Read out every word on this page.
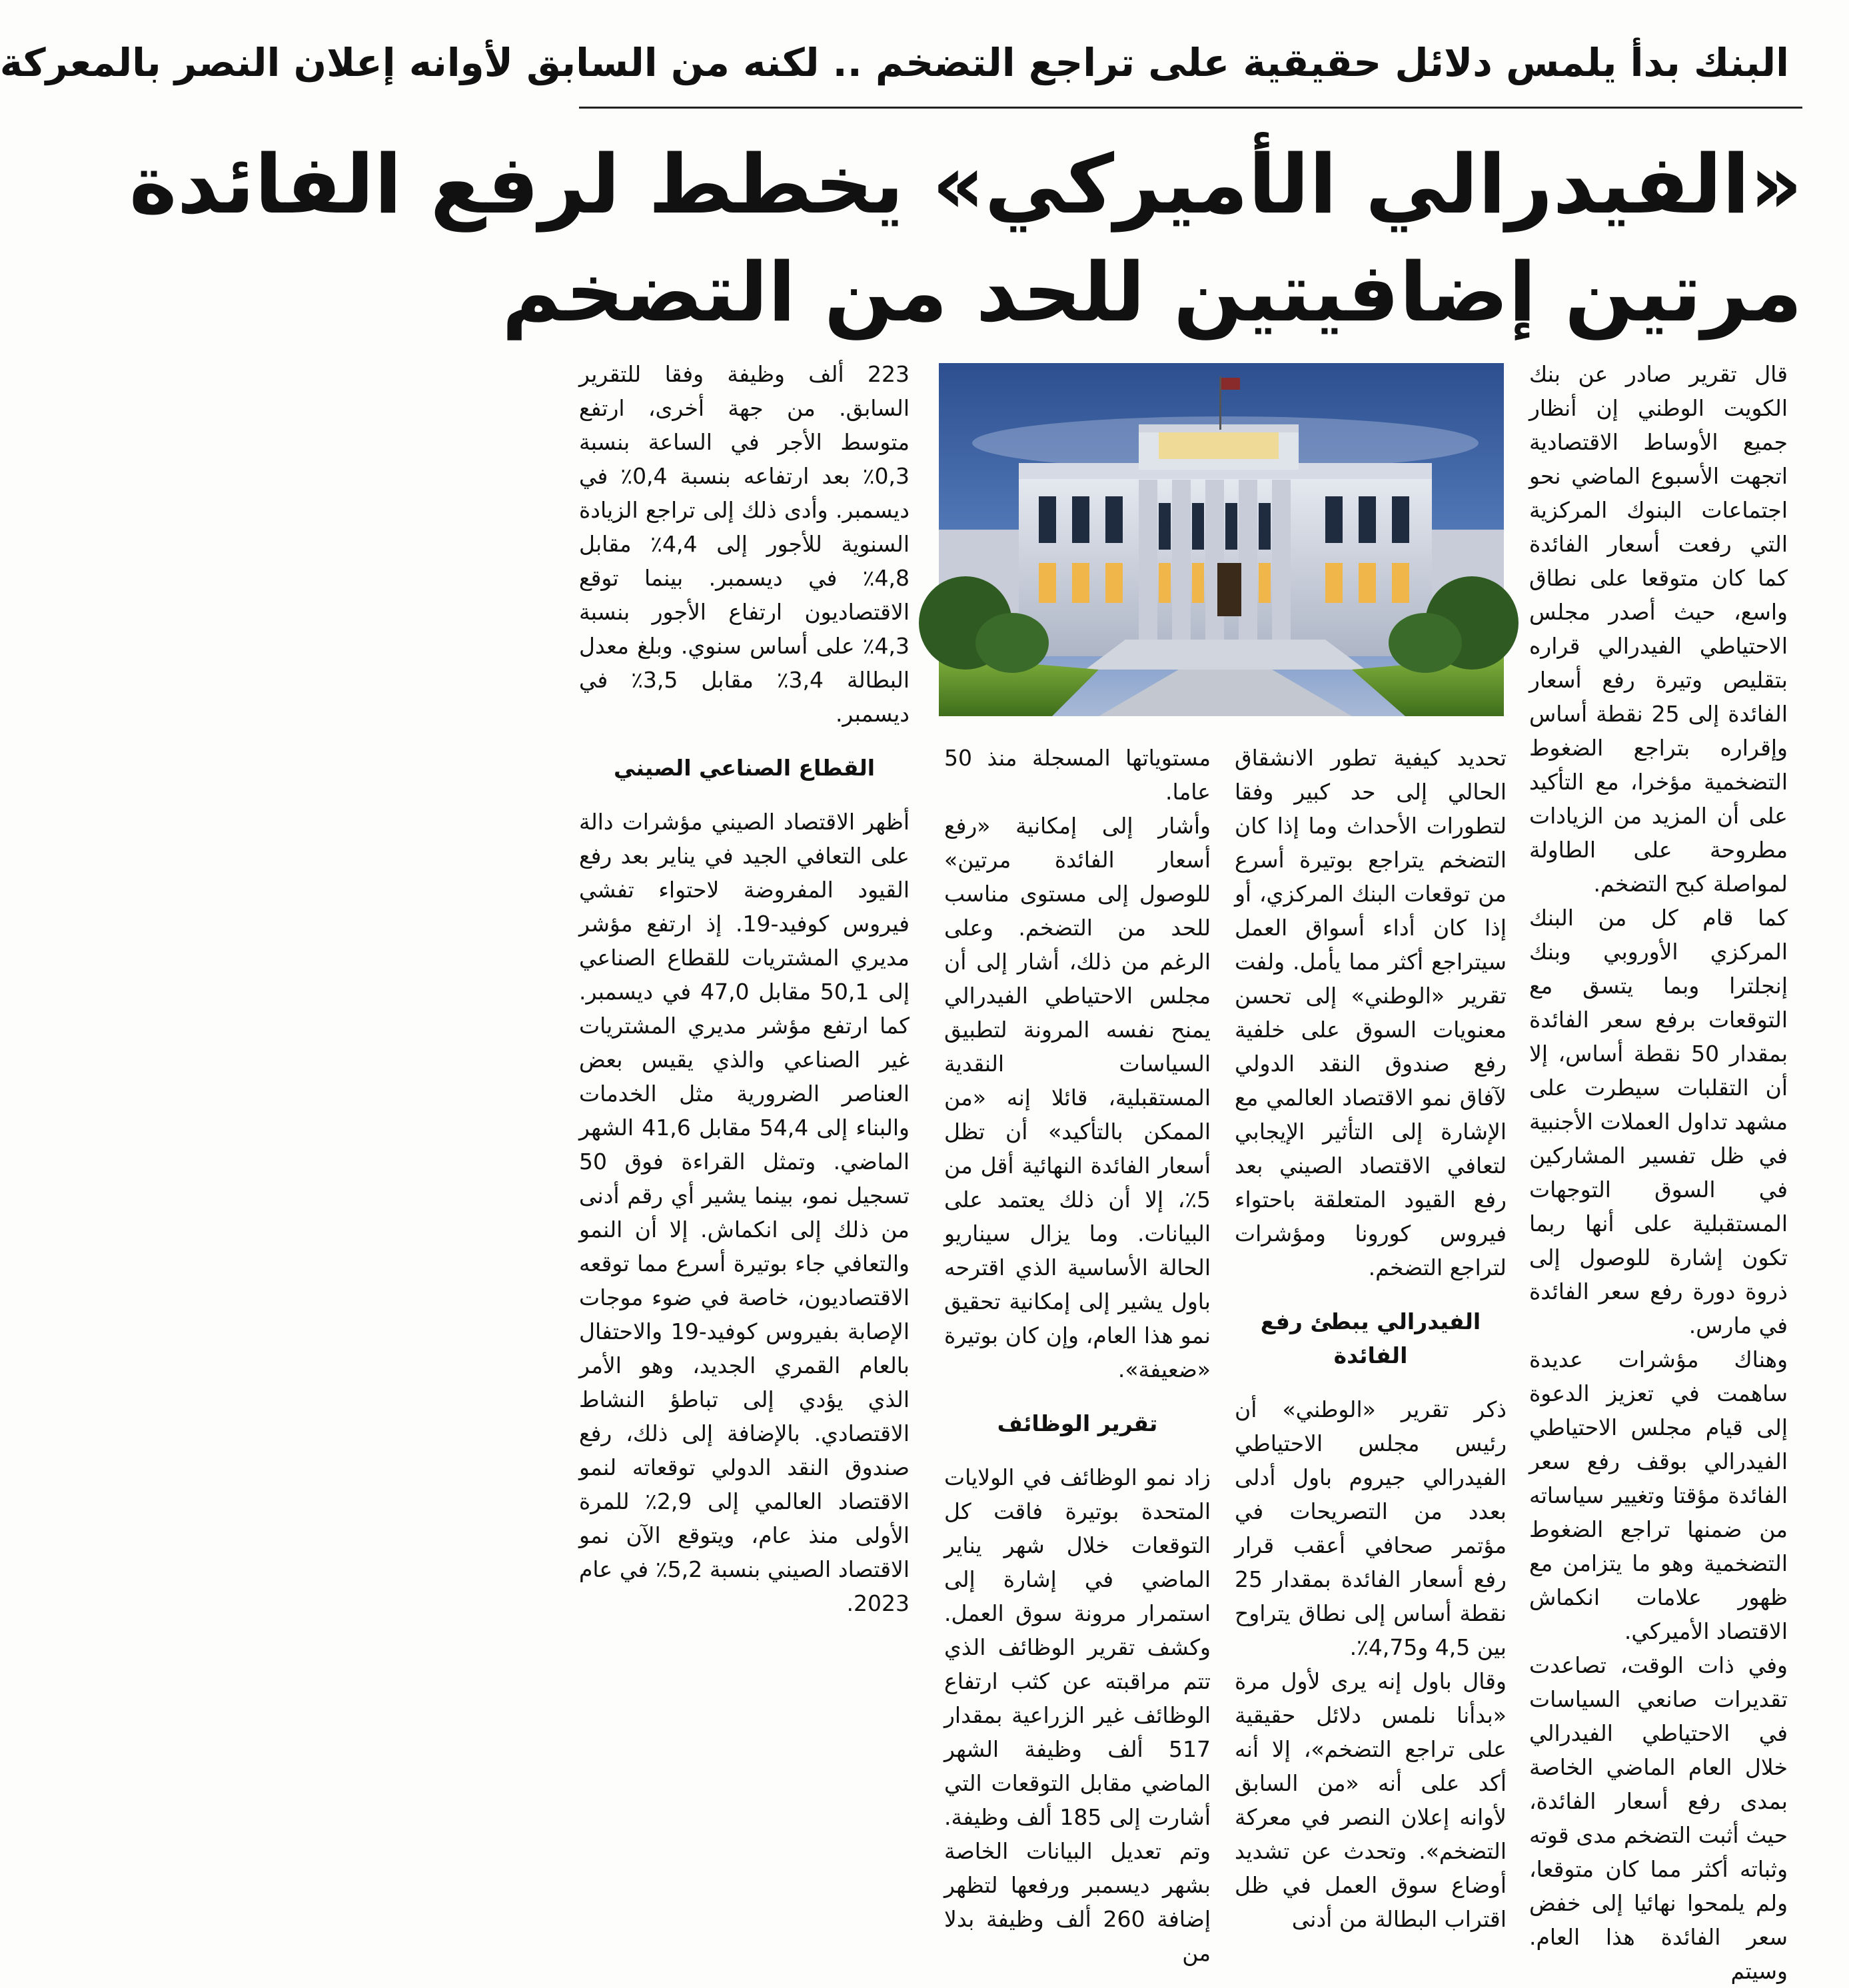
البنك بدأ يلمس دلائل حقيقية على تراجع التضخم .. لكنه من السابق لأوانه إعلان النصر بالمعركة
«الفيدرالي الأميركي» يخطط لرفع الفائدة
مرتين إضافيتين للحد من التضخم

قال تقرير صادر عن بنك الكويت الوطني إن أنظار جميع الأوساط الاقتصادية اتجهت الأسبوع الماضي نحو اجتماعات البنوك المركزية التي رفعت أسعار الفائدة كما كان متوقعا على نطاق واسع، حيث أصدر مجلس الاحتياطي الفيدرالي قراره بتقليص وتيرة رفع أسعار الفائدة إلى 25 نقطة أساس وإقراره بتراجع الضغوط التضخمية مؤخرا، مع التأكيد على أن المزيد من الزيادات مطروحة على الطاولة لمواصلة كبح التضخم.

كما قام كل من البنك المركزي الأوروبي وبنك إنجلترا وبما يتسق مع التوقعات برفع سعر الفائدة بمقدار 50 نقطة أساس، إلا أن التقلبات سيطرت على مشهد تداول العملات الأجنبية في ظل تفسير المشاركين في السوق التوجهات المستقبلية على أنها ربما تكون إشارة للوصول إلى ذروة دورة رفع سعر الفائدة في مارس.

وهناك مؤشرات عديدة ساهمت في تعزيز الدعوة إلى قيام مجلس الاحتياطي الفيدرالي بوقف رفع سعر الفائدة مؤقتا وتغيير سياساته من ضمنها تراجع الضغوط التضخمية وهو ما يتزامن مع ظهور علامات انكماش الاقتصاد الأميركي.

وفي ذات الوقت، تصاعدت تقديرات صانعي السياسات في الاحتياطي الفيدرالي خلال العام الماضي الخاصة بمدى رفع أسعار الفائدة، حيث أثبت التضخم مدى قوته وثباته أكثر مما كان متوقعا، ولم يلمحوا نهائيا إلى خفض سعر الفائدة هذا العام. وسيتم

تحديد كيفية تطور الانشقاق الحالي إلى حد كبير وفقا لتطورات الأحداث وما إذا كان التضخم يتراجع بوتيرة أسرع من توقعات البنك المركزي، أو إذا كان أداء أسواق العمل سيتراجع أكثر مما يأمل. ولفت تقرير «الوطني» إلى تحسن معنويات السوق على خلفية رفع صندوق النقد الدولي لآفاق نمو الاقتصاد العالمي مع الإشارة إلى التأثير الإيجابي لتعافي الاقتصاد الصيني بعد رفع القيود المتعلقة باحتواء فيروس كورونا ومؤشرات لتراجع التضخم.

الفيدرالي يبطئ رفع الفائدة

ذكر تقرير «الوطني» أن رئيس مجلس الاحتياطي الفيدرالي جيروم باول أدلى بعدد من التصريحات في مؤتمر صحافي أعقب قرار رفع أسعار الفائدة بمقدار 25 نقطة أساس إلى نطاق يتراوح بين 4,5 و4,75٪.

وقال باول إنه يرى لأول مرة «بدأنا نلمس دلائل حقيقية على تراجع التضخم»، إلا أنه أكد على أنه «من السابق لأوانه إعلان النصر في معركة التضخم». وتحدث عن تشديد أوضاع سوق العمل في ظل اقتراب البطالة من أدنى

مستوياتها المسجلة منذ 50 عاما.

وأشار إلى إمكانية «رفع أسعار الفائدة مرتين» للوصول إلى مستوى مناسب للحد من التضخم. وعلى الرغم من ذلك، أشار إلى أن مجلس الاحتياطي الفيدرالي يمنح نفسه المرونة لتطبيق السياسات النقدية المستقبلية، قائلا إنه «من الممكن بالتأكيد» أن تظل أسعار الفائدة النهائية أقل من 5٪، إلا أن ذلك يعتمد على البيانات. وما يزال سيناريو الحالة الأساسية الذي اقترحه باول يشير إلى إمكانية تحقيق نمو هذا العام، وإن كان بوتيرة «ضعيفة».

تقرير الوظائف

زاد نمو الوظائف في الولايات المتحدة بوتيرة فاقت كل التوقعات خلال شهر يناير الماضي في إشارة إلى استمرار مرونة سوق العمل. وكشف تقرير الوظائف الذي تتم مراقبته عن كثب ارتفاع الوظائف غير الزراعية بمقدار 517 ألف وظيفة الشهر الماضي مقابل التوقعات التي أشارت إلى 185 ألف وظيفة. وتم تعديل البيانات الخاصة بشهر ديسمبر ورفعها لتظهر إضافة 260 ألف وظيفة بدلا من

223 ألف وظيفة وفقا للتقرير السابق. من جهة أخرى، ارتفع متوسط الأجر في الساعة بنسبة 0,3٪ بعد ارتفاعه بنسبة 0,4٪ في ديسمبر. وأدى ذلك إلى تراجع الزيادة السنوية للأجور إلى 4,4٪ مقابل 4,8٪ في ديسمبر. بينما توقع الاقتصاديون ارتفاع الأجور بنسبة 4,3٪ على أساس سنوي. وبلغ معدل البطالة 3,4٪ مقابل 3,5٪ في ديسمبر.

القطاع الصناعي الصيني

أظهر الاقتصاد الصيني مؤشرات دالة على التعافي الجيد في يناير بعد رفع القيود المفروضة لاحتواء تفشي فيروس كوفيد-19. إذ ارتفع مؤشر مديري المشتريات للقطاع الصناعي إلى 50,1 مقابل 47,0 في ديسمبر. كما ارتفع مؤشر مديري المشتريات غير الصناعي والذي يقيس بعض العناصر الضرورية مثل الخدمات والبناء إلى 54,4 مقابل 41,6 الشهر الماضي. وتمثل القراءة فوق 50 تسجيل نمو، بينما يشير أي رقم أدنى من ذلك إلى انكماش. إلا أن النمو والتعافي جاء بوتيرة أسرع مما توقعه الاقتصاديون، خاصة في ضوء موجات الإصابة بفيروس كوفيد-19 والاحتفال بالعام القمري الجديد، وهو الأمر الذي يؤدي إلى تباطؤ النشاط الاقتصادي. بالإضافة إلى ذلك، رفع صندوق النقد الدولي توقعاته لنمو الاقتصاد العالمي إلى 2,9٪ للمرة الأولى منذ عام، ويتوقع الآن نمو الاقتصاد الصيني بنسبة 5,2٪ في عام 2023.
